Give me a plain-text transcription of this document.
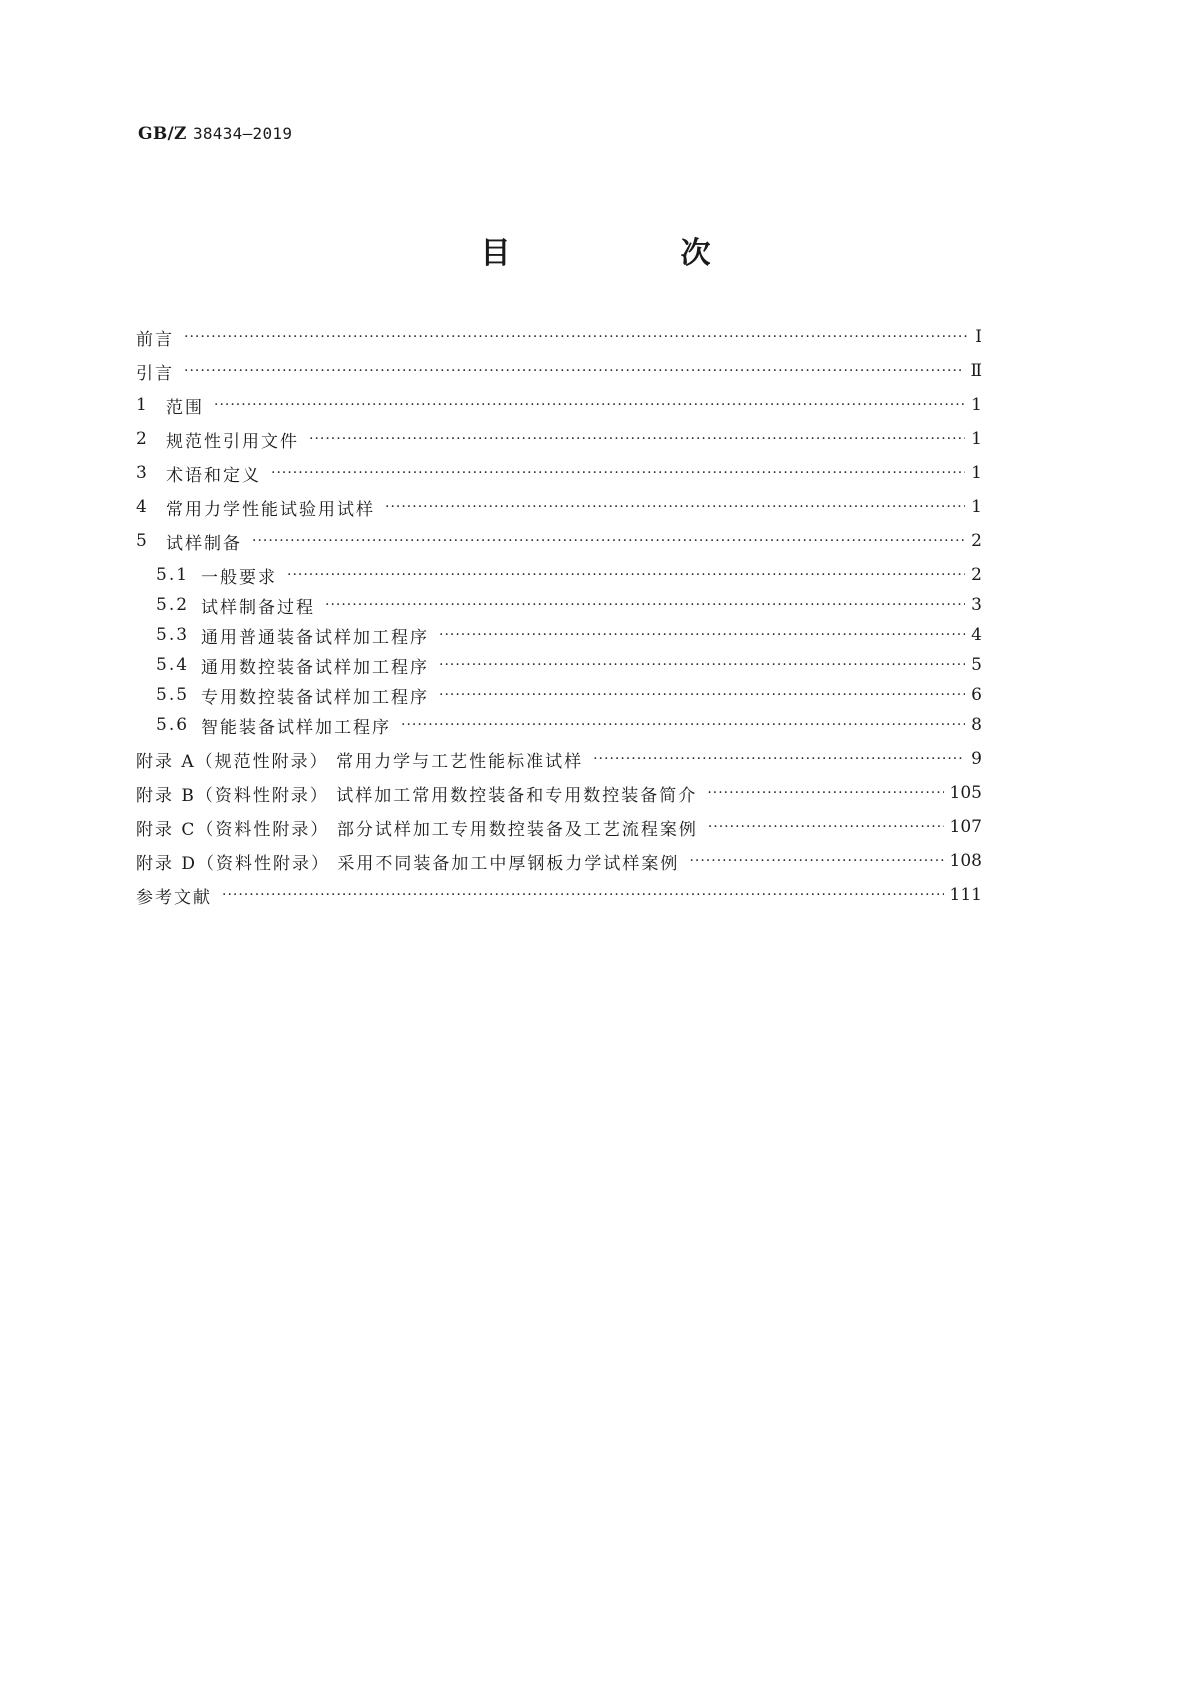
GB/Z 38434—2019
目　次
前言 ·····	Ⅰ
引言 ·····	Ⅱ
1	范围 ·····	1
2	规范性引用文件 ·····	1
3	术语和定义 ·····	1
4	常用力学性能试验用试样 ·····	1
5	试样制备 ·····	2
5.1 一般要求 ·····	2
5.2 试样制备过程 ·····	3
5.3 通用普通装备试样加工程序 ·····	4
5.4 通用数控装备试样加工程序 ·····	5
5.5 专用数控装备试样加工程序 ·····	6
5.6 智能装备试样加工程序 ·····	8
附录 A（规范性附录） 常用力学与工艺性能标准试样 ·····	9
附录 B（资料性附录） 试样加工常用数控装备和专用数控装备简介 ·····	105
附录 C（资料性附录） 部分试样加工专用数控装备及工艺流程案例 ·····	107
附录 D（资料性附录） 采用不同装备加工中厚钢板力学试样案例 ·····	108
参考文献 ·····	111
